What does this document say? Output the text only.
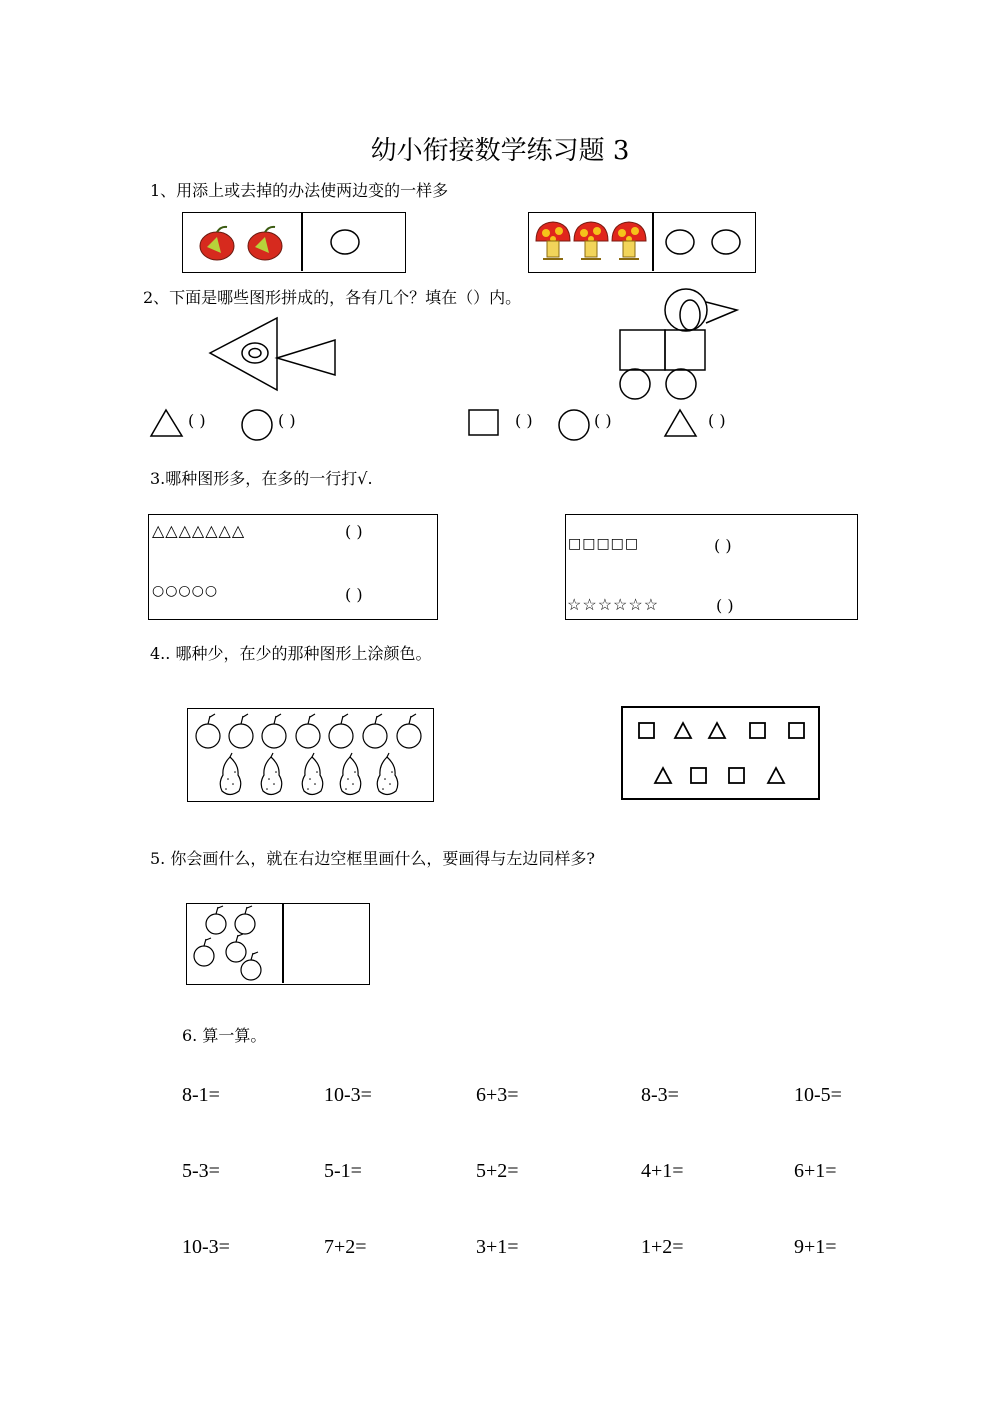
幼小衔接数学练习题 3
1、用添上或去掉的办法使两边变的一样多
2、下面是哪些图形拼成的，各有几个？填在（）内。
( )	( )	( )	( )	( )
3.哪种图形多，在多的一行打√.
△△△△△△△	( )
○○○○○	( )
□□□□□	( )
☆☆☆☆☆☆	( )
4.. 哪种少，在少的那种图形上涂颜色。
5. 你会画什么，就在右边空框里画什么，要画得与左边同样多?
6. 算一算。
8-1=	10-3=	6+3=	8-3=	10-5=
5-3=	5-1=	5+2=	4+1=	6+1=
10-3=	7+2=	3+1=	1+2=	9+1=
